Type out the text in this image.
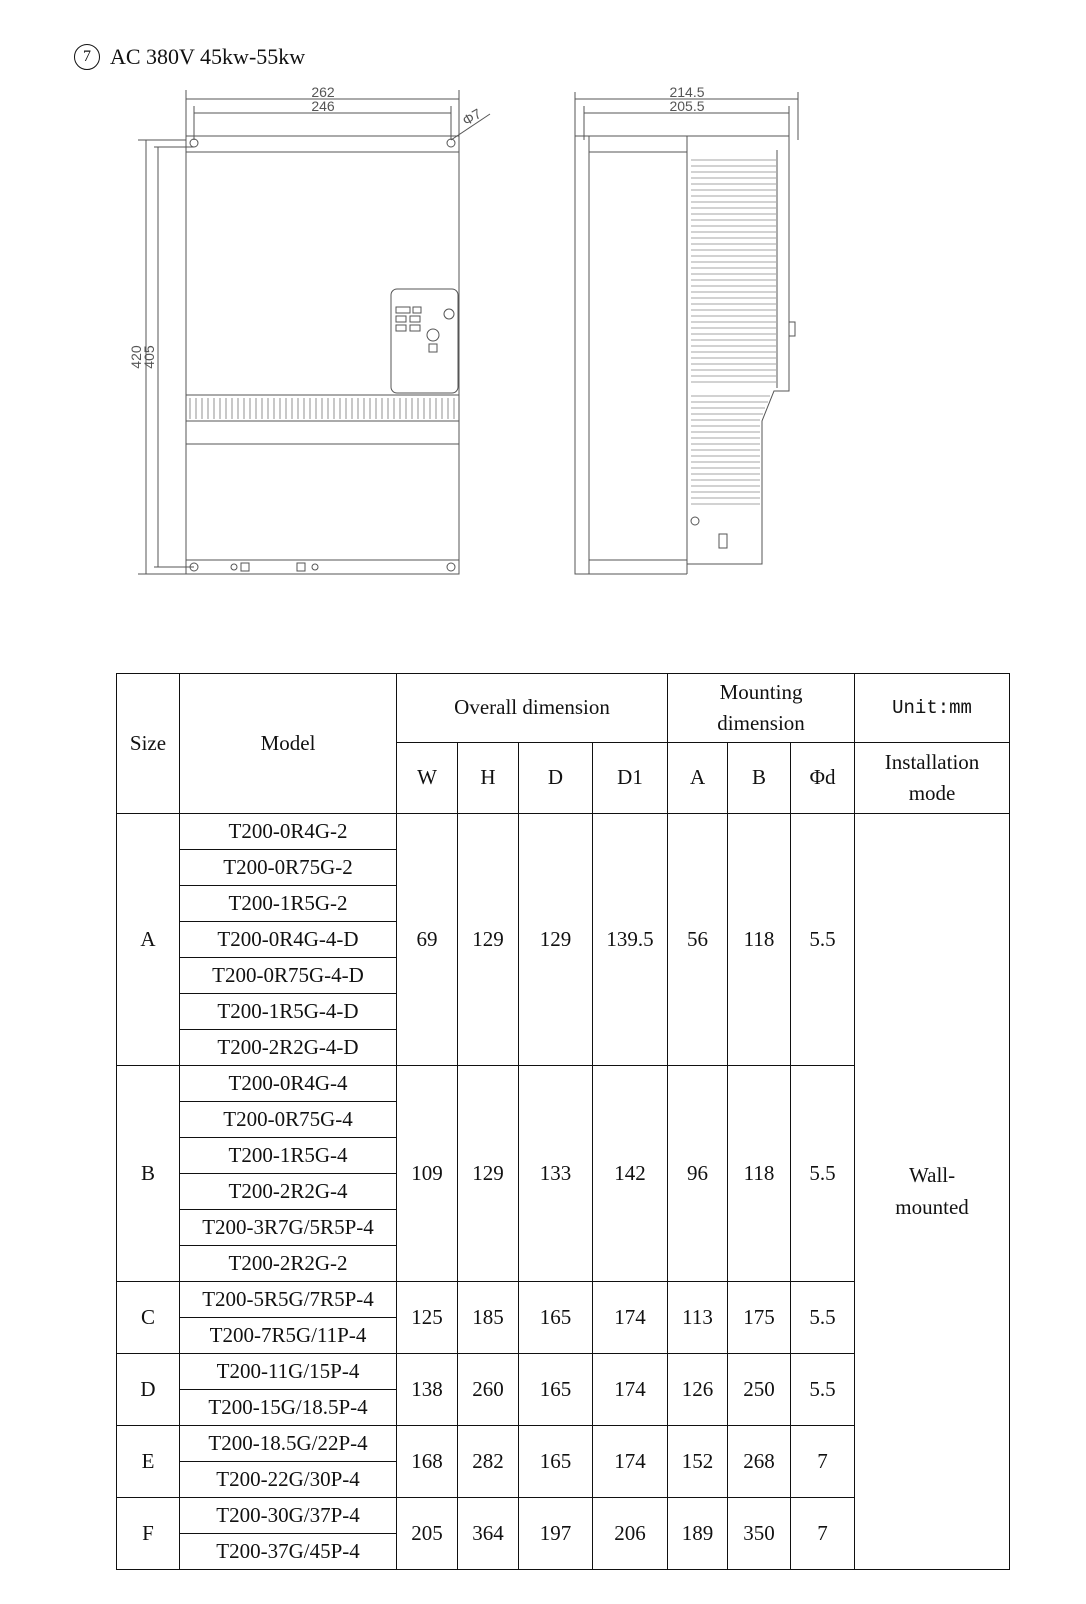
7 AC 380V 45kw-55kw
262
246	Φ7
420
405
214.5
205.5
Size	Model	Overall dimension				Mounting dimension			Unit:mm
		W	H	D	D1	A	B	Φd	Installation mode
A	T200-0R4G-2	69	129	129	139.5	56	118	5.5	Wall-mounted
	T200-0R75G-2								
	T200-1R5G-2								
	T200-0R4G-4-D								
	T200-0R75G-4-D								
	T200-1R5G-4-D								
	T200-2R2G-4-D								
B	T200-0R4G-4	109	129	133	142	96	118	5.5	
	T200-0R75G-4								
	T200-1R5G-4								
	T200-2R2G-4								
	T200-3R7G/5R5P-4								
	T200-2R2G-2								
C	T200-5R5G/7R5P-4	125	185	165	174	113	175	5.5	
	T200-7R5G/11P-4								
D	T200-11G/15P-4	138	260	165	174	126	250	5.5	
	T200-15G/18.5P-4								
E	T200-18.5G/22P-4	168	282	165	174	152	268	7	
	T200-22G/30P-4								
F	T200-30G/37P-4	205	364	197	206	189	350	7	
	T200-37G/45P-4								
